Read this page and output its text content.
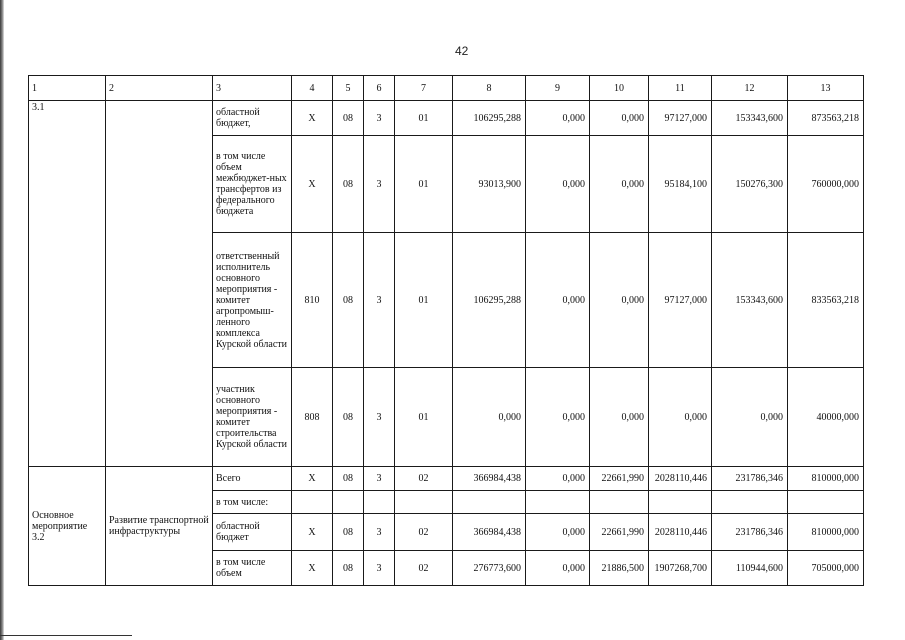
42
1	2	3	4	5	6	7	8	9	10	11	12	13
3.1		областной бюджет,	X	08	3	01	106295,288	0,000	0,000	97127,000	153343,600	873563,218
		в том числе объем межбюджет-ных трансфертов из федерального бюджета	X	08	3	01	93013,900	0,000	0,000	95184,100	150276,300	760000,000
		ответственный исполнитель основного мероприятия - комитет агропромыш-ленного комплекса Курской области	810	08	3	01	106295,288	0,000	0,000	97127,000	153343,600	833563,218
		участник основного мероприятия - комитет строительства Курской области	808	08	3	01	0,000	0,000	0,000	0,000	0,000	40000,000
Основное мероприятие 3.2	Развитие транспортной инфраструктуры	Всего	X	08	3	02	366984,438	0,000	22661,990	2028110,446	231786,346	810000,000
		в том числе:										
		областной бюджет	X	08	3	02	366984,438	0,000	22661,990	2028110,446	231786,346	810000,000
		в том числе объем	X	08	3	02	276773,600	0,000	21886,500	1907268,700	110944,600	705000,000
